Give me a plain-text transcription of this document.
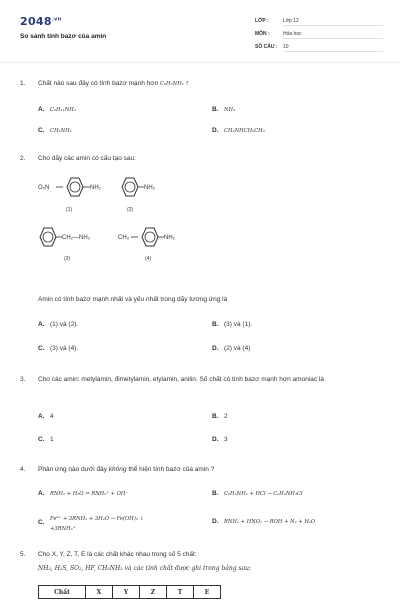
$2048^{.vn}$
So sánh tính bazơ của amin
LỚP :	Lớp 12
MÔN :	Hóa học
SỐ CÂU : 10
1. Chất nào sau đây có tính bazơ mạnh hơn C₆H₅NH₂ ?
A. C₆H₁₁NH₂	B. NH₃
C. CH₃NH₂	D. CH₃NHCH₂CH₃
2. Cho dãy các amin có cấu tạo sau:
O₂N	NH₂
(1)
NH₂
(2)
CH₂—NH₂
(3)
CH₃	NH₂
(4)
Amin có tính bazơ mạnh nhất và yếu nhất trong dãy tương ứng là
A. (1) và (2).	B. (3) và (1).
C. (3) và (4).	D. (2) và (4)
3. Cho các amin: metylamin, đimetylamin, etylamin, anilin. Số chất có tính bazơ mạnh hơn amoniac là
A. 4	B. 2
C. 1	D. 3
4. Phản ứng nào dưới đây không thể hiện tính bazơ của amin ?
A. RNH₂ + H₂O ⇌ RNH₃⁺ + OH⁻	B. C₆H₅NH₂ + HCl → C₆H₅NH₃Cl
C. Fe³⁺ + 3RNH₂ + 3H₂O → Fe(OH)₃ ↓
+3RNH₃⁺
D. RNH₂ + HNO₂ → ROH + N₂ + H₂O
5. Cho X, Y, Z, T, E là các chất khác nhau trong số 5 chất:
NH₃, H₂S, SO₂, HF, CH₃NH₂ và các tính chất được ghi trong bảng sau:
Chất	X	Y	Z	T	E
